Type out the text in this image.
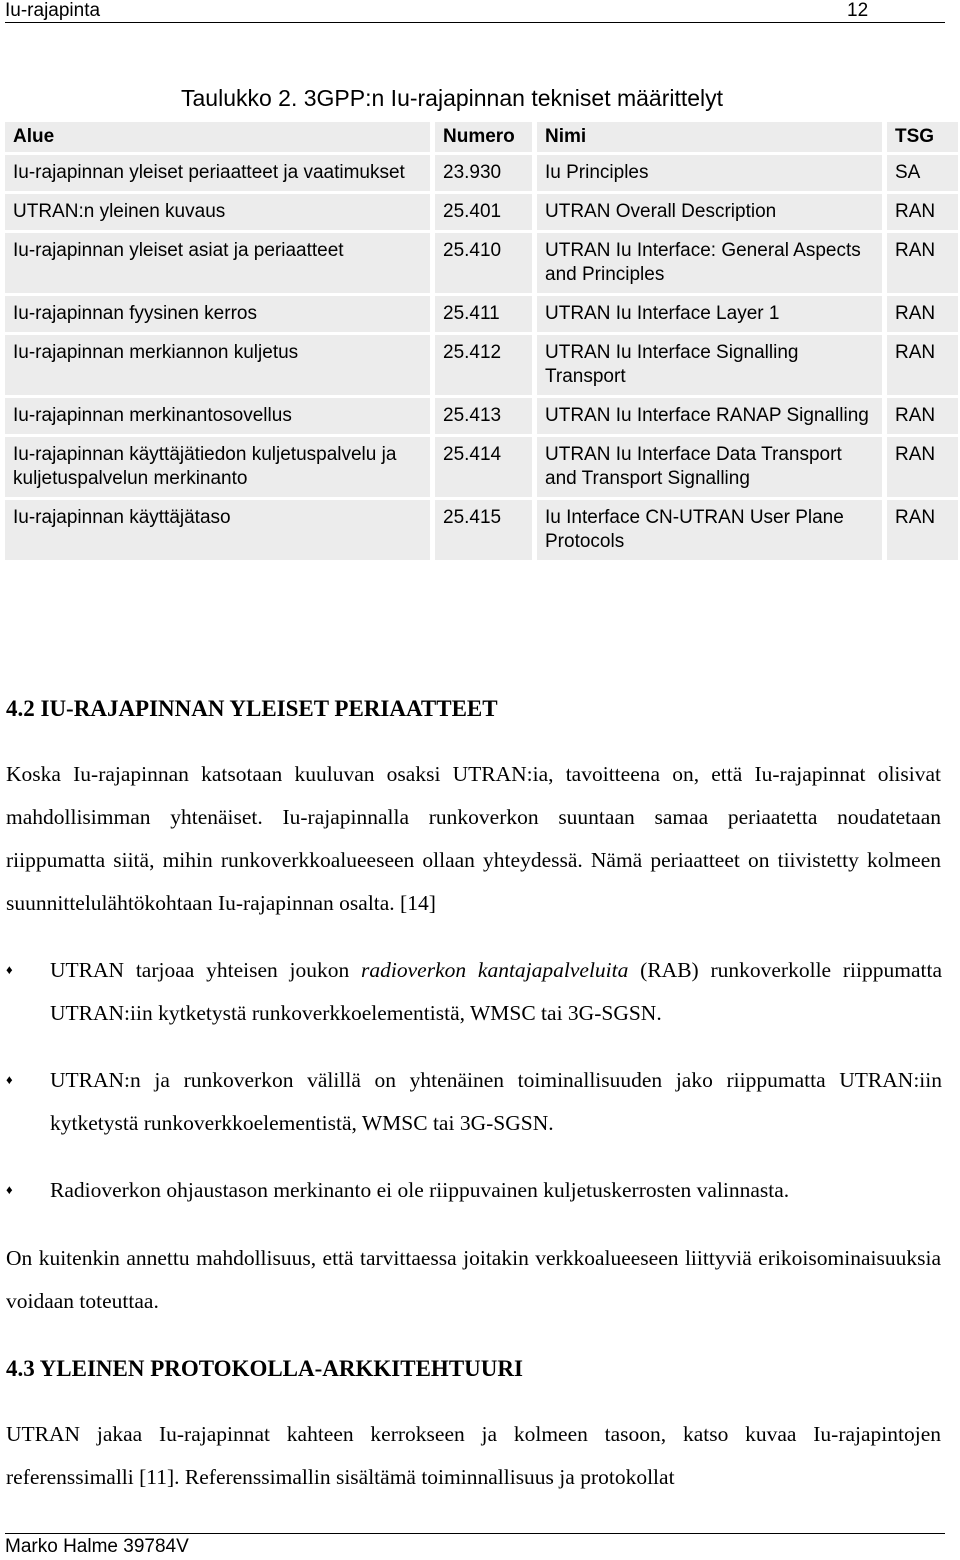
Iu-rajapinta	12
Taulukko 2. 3GPP:n Iu-rajapinnan tekniset määrittelyt
Alue	Numero	Nimi	TSG
Iu-rajapinnan yleiset periaatteet ja vaatimukset	23.930	Iu Principles	SA
UTRAN:n yleinen kuvaus	25.401	UTRAN Overall Description	RAN
Iu-rajapinnan yleiset asiat ja periaatteet	25.410	UTRAN Iu Interface: General Aspects and Principles	RAN
Iu-rajapinnan fyysinen kerros	25.411	UTRAN Iu Interface Layer 1	RAN
Iu-rajapinnan merkiannon kuljetus	25.412	UTRAN Iu Interface Signalling Transport	RAN
Iu-rajapinnan merkinantosovellus	25.413	UTRAN Iu Interface RANAP Signalling	RAN
Iu-rajapinnan käyttäjätiedon kuljetuspalvelu ja kuljetuspalvelun merkinanto	25.414	UTRAN Iu Interface Data Transport and Transport Signalling	RAN
Iu-rajapinnan käyttäjätaso	25.415	Iu Interface CN-UTRAN User Plane Protocols	RAN
4.2 IU-RAJAPINNAN YLEISET PERIAATTEET
Koska Iu-rajapinnan katsotaan kuuluvan osaksi UTRAN:ia, tavoitteena on, että Iu-rajapinnat olisivat mahdollisimman yhtenäiset. Iu-rajapinnalla runkoverkon suuntaan samaa periaatetta noudatetaan riippumatta siitä, mihin runkoverkkoalueeseen ollaan yhteydessä. Nämä periaatteet on tiivistetty kolmeen suunnittelulähtökohtaan Iu-rajapinnan osalta. [14]
♦ UTRAN tarjoaa yhteisen joukon radioverkon kantajapalveluita (RAB) runkoverkolle riippumatta UTRAN:iin kytketystä runkoverkkoelementistä, WMSC tai 3G-SGSN.
♦ UTRAN:n ja runkoverkon välillä on yhtenäinen toiminallisuuden jako riippumatta UTRAN:iin kytketystä runkoverkkoelementistä, WMSC tai 3G-SGSN.
♦ Radioverkon ohjaustason merkinanto ei ole riippuvainen kuljetuskerrosten valinnasta.
On kuitenkin annettu mahdollisuus, että tarvittaessa joitakin verkkoalueeseen liittyviä erikoisominaisuuksia voidaan toteuttaa.
4.3 YLEINEN PROTOKOLLA-ARKKITEHTUURI
UTRAN jakaa Iu-rajapinnat kahteen kerrokseen ja kolmeen tasoon, katso kuvaa Iu-rajapintojen referenssimalli [11]. Referenssimallin sisältämä toiminnallisuus ja protokollat
Marko Halme 39784V
